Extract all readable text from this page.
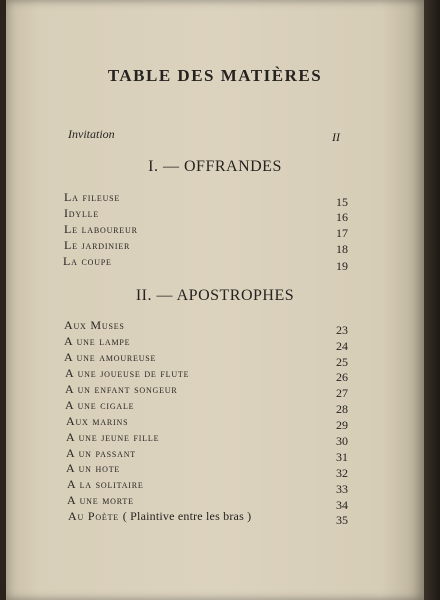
TABLE DES MATIÈRES
Invitation	II
I. — OFFRANDES
La fileuse	15
Idylle	16
Le laboureur	17
Le jardinier	18
La coupe	19
II. — APOSTROPHES
Aux Muses	23
A une lampe	24
A une amoureuse	25
A une joueuse de flute	26
A un enfant songeur	27
A une cigale	28
Aux marins	29
A une jeune fille	30
A un passant	31
A un hote	32
A la solitaire	33
A une morte	34
Au Poète ( Plaintive entre les bras )	35
